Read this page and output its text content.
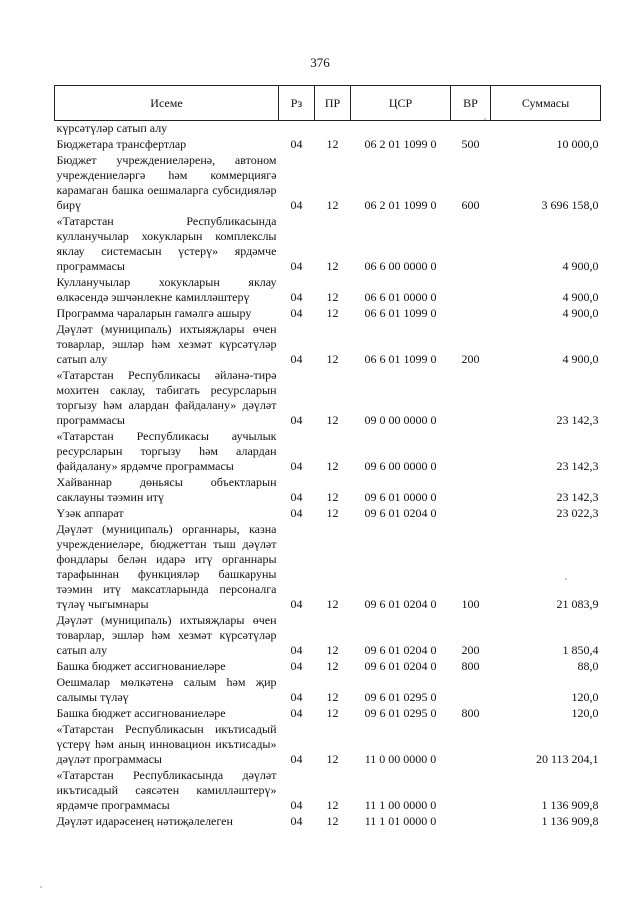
376
Исеме	Рз	ПР	ЦСР	ВР	Суммасы
күрсәтүләр сатып алу					
Бюджетара трансфертлар	04	12	06 2 01 1099 0	500	10 000,0
Бюджет учреждениеләренә, автоном учреждениеләргә һәм коммерциягә карамаган башка оешмаларга субсидияләр бирү	04	12	06 2 01 1099 0	600	3 696 158,0
«Татарстан Республикасында кулланучылар хокукларын комплекслы яклау системасын үстерү» ярдәмче программасы	04	12	06 6 00 0000 0		4 900,0
Кулланучылар хокукларын яклау өлкәсендә эшчәнлекне камилләштерү	04	12	06 6 01 0000 0		4 900,0
Программа чараларын гамәлгә ашыру	04	12	06 6 01 1099 0		4 900,0
Дәүләт (муниципаль) ихтыяҗлары өчен товарлар, эшләр һәм хезмәт күрсәтүләр сатып алу	04	12	06 6 01 1099 0	200	4 900,0
«Татарстан Республикасы әйләнә-тирә мохитен саклау, табигать ресурсларын торгызу һәм алардан файдалану» дәүләт программасы	04	12	09 0 00 0000 0		23 142,3
«Татарстан Республикасы аучылык ресурсларын торгызу һәм алардан файдалану» ярдәмче программасы	04	12	09 6 00 0000 0		23 142,3
Хайваннар дөньясы объектларын саклауны тәэмин итү	04	12	09 6 01 0000 0		23 142,3
Үзәк аппарат	04	12	09 6 01 0204 0		23 022,3
Дәүләт (муниципаль) органнары, казна учреждениеләре, бюджеттан тыш дәүләт фондлары белән идарә итү органнары тарафыннан функцияләр башкаруны тәэмин итү максатларында персоналга түләү чыгымнары	04	12	09 6 01 0204 0	100	21 083,9
Дәүләт (муниципаль) ихтыяҗлары өчен товарлар, эшләр һәм хезмәт күрсәтүләр сатып алу	04	12	09 6 01 0204 0	200	1 850,4
Башка бюджет ассигнованиеләре	04	12	09 6 01 0204 0	800	88,0
Оешмалар мөлкәтенә салым һәм җир салымы түләү	04	12	09 6 01 0295 0		120,0
Башка бюджет ассигнованиеләре	04	12	09 6 01 0295 0	800	120,0
«Татарстан Республикасын икътисадый үстерү һәм аның инновацион икътисады» дәүләт программасы	04	12	11 0 00 0000 0		20 113 204,1
«Татарстан Республикасында дәүләт икътисадый сәясәтен камилләштерү» ярдәмче программасы	04	12	11 1 00 0000 0		1 136 909,8
Дәүләт идарәсенең нәтиҗәлелеген	04	12	11 1 01 0000 0		1 136 909,8
